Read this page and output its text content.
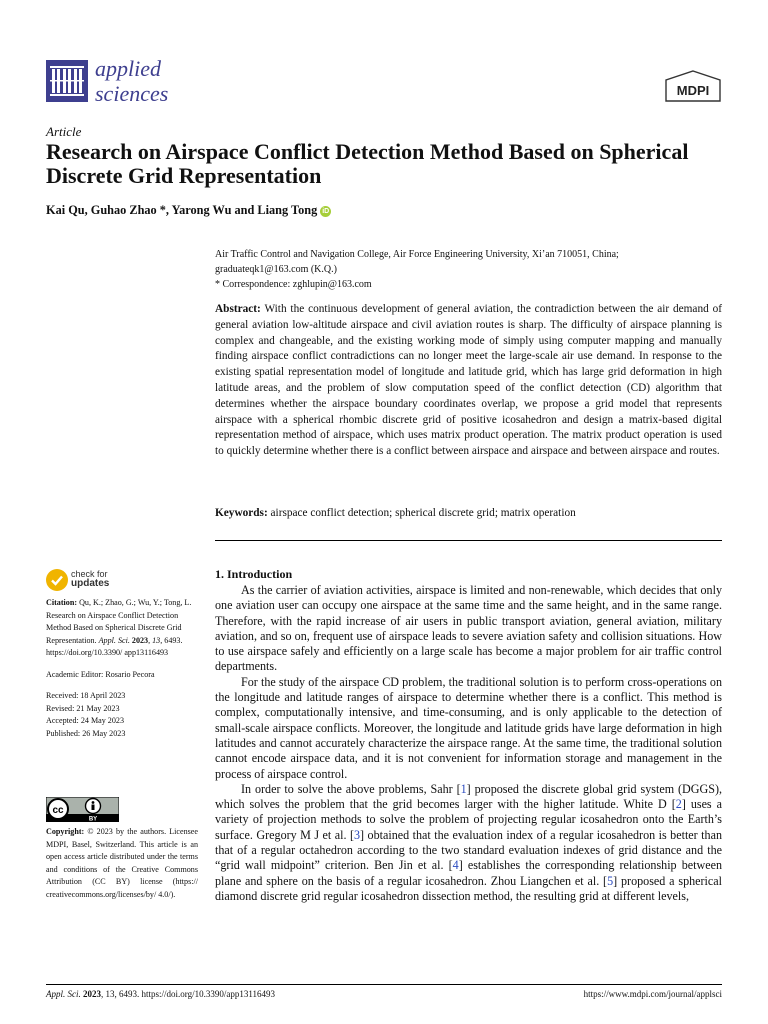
applied
sciences	MDPI
Article
Research on Airspace Conflict Detection Method Based on Spherical Discrete Grid Representation
Kai Qu, Guhao Zhao *, Yarong Wu and Liang Tong iD
Air Traffic Control and Navigation College, Air Force Engineering University, Xi’an 710051, China;
graduateqk1@163.com (K.Q.)
* Correspondence: zghlupin@163.com
Abstract: With the continuous development of general aviation, the contradiction between the air demand of general aviation low-altitude airspace and civil aviation routes is sharp. The difficulty of airspace planning is complex and changeable, and the existing working mode of simply using computer mapping and manually finding airspace conflict contradictions can no longer meet the large-scale air use demand. In response to the existing spatial representation model of longitude and latitude grid, which has large grid deformation in high latitude areas, and the problem of slow computation speed of the conflict detection (CD) algorithm that determines whether the airspace boundary coordinates overlap, we propose a grid model that represents airspace with a spherical rhombic discrete grid of positive icosahedron and design a matrix-based digital representation method of airspace, which uses matrix product operation. The matrix product operation is used to quickly determine whether there is a conflict between airspace and airspace and between airspace and routes.
Keywords: airspace conflict detection; spherical discrete grid; matrix operation
check for
updates

Citation: Qu, K.; Zhao, G.; Wu, Y.; Tong, L. Research on Airspace Conflict Detection Method Based on Spherical Discrete Grid Representation. Appl. Sci. 2023, 13, 6493. https://doi.org/10.3390/ app13116493

Academic Editor: Rosario Pecora

Received: 18 April 2023

Revised: 21 May 2023

Accepted: 24 May 2023

Published: 26 May 2023

cc
BY
Copyright: © 2023 by the authors. Licensee MDPI, Basel, Switzerland. This article is an open access article distributed under the terms and conditions of the Creative Commons Attribution (CC BY) license (https:// creativecommons.org/licenses/by/ 4.0/).
1. Introduction

As the carrier of aviation activities, airspace is limited and non-renewable, which decides that only one aviation user can occupy one airspace at the same time and the same height, and in the same range. Therefore, with the rapid increase of air users in public transport aviation, general aviation, military aviation, and so on, frequent use of airspace leads to severe aviation safety and collision situations. How to use airspace safely and efficiently on a large scale has become a major problem for air traffic control departments.

For the study of the airspace CD problem, the traditional solution is to perform cross-operations on the longitude and latitude ranges of airspace to determine whether there is a conflict. This method is complex, computationally intensive, and time-consuming, and is only applicable to the detection of small-scale airspace conflicts. Moreover, the longitude and latitude grids have large deformation in high latitudes and cannot accurately characterize the airspace range. At the same time, the traditional solution cannot encode airspace data, and it is not convenient for information storage and management in the process of airspace control.

In order to solve the above problems, Sahr [1] proposed the discrete global grid system (DGGS), which solves the problem that the grid becomes larger with the higher latitude. White D [2] uses a variety of projection methods to solve the problem of projecting regular icosahedron onto the Earth’s surface. Gregory M J et al. [3] obtained that the evaluation index of a regular icosahedron is better than that of a regular octahedron according to the two standard evaluation indexes of grid distance and the “grid wall midpoint” criterion. Ben Jin et al. [4] establishes the corresponding relationship between plane and sphere on the basis of a regular icosahedron. Zhou Liangchen et al. [5] proposed a spherical diamond discrete grid regular icosahedron dissection method, the resulting grid at different levels,

Appl. Sci. 2023, 13, 6493. https://doi.org/10.3390/app13116493	https://www.mdpi.com/journal/applsci
